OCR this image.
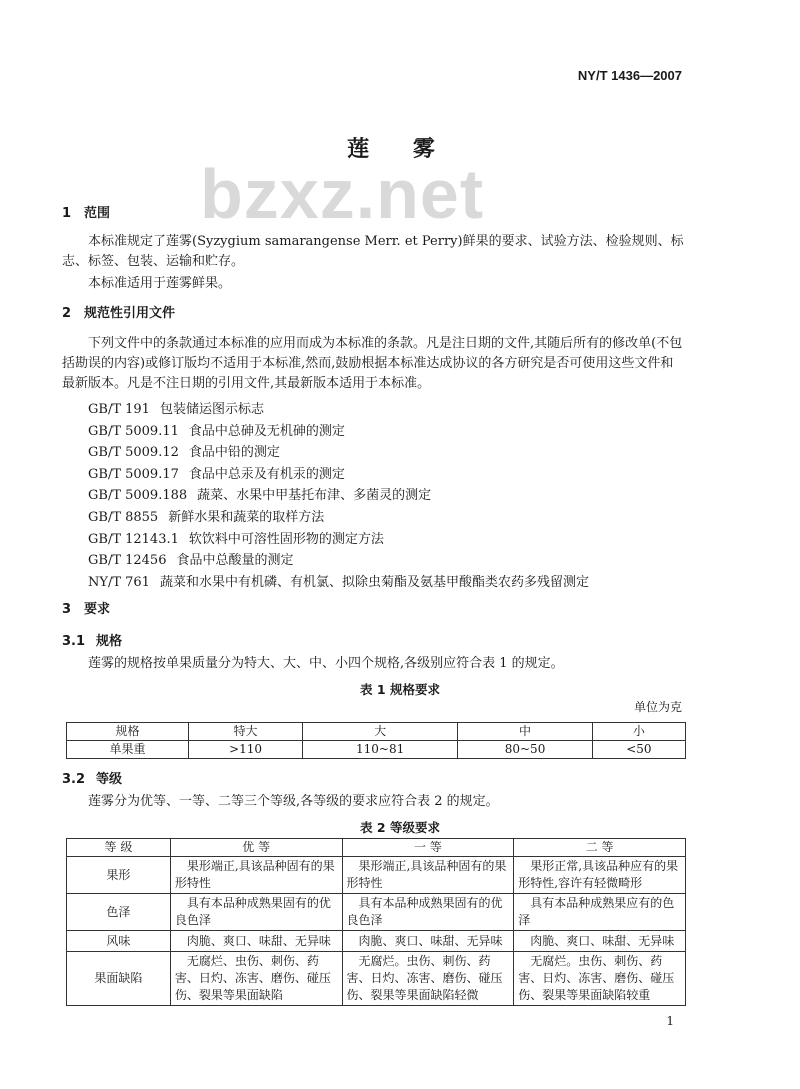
NY/T 1436—2007
bzxz.net
莲 雾
1 范围
本标准规定了莲雾(Syzygium samarangense Merr. et Perry)鲜果的要求、试验方法、检验规则、标志、标签、包装、运输和贮存。
本标准适用于莲雾鲜果。
2 规范性引用文件
下列文件中的条款通过本标准的应用而成为本标准的条款。凡是注日期的文件,其随后所有的修改单(不包括勘误的内容)或修订版均不适用于本标准,然而,鼓励根据本标准达成协议的各方研究是否可使用这些文件和最新版本。凡是不注日期的引用文件,其最新版本适用于本标准。
GB/T 191 包装储运图示标志
GB/T 5009.11 食品中总砷及无机砷的测定
GB/T 5009.12 食品中铅的测定
GB/T 5009.17 食品中总汞及有机汞的测定
GB/T 5009.188 蔬菜、水果中甲基托布津、多菌灵的测定
GB/T 8855 新鲜水果和蔬菜的取样方法
GB/T 12143.1 软饮料中可溶性固形物的测定方法
GB/T 12456 食品中总酸量的测定
NY/T 761 蔬菜和水果中有机磷、有机氯、拟除虫菊酯及氨基甲酸酯类农药多残留测定
3 要求
3.1 规格
莲雾的规格按单果质量分为特大、大、中、小四个规格,各级别应符合表 1 的规定。
表 1 规格要求
单位为克
规格	特大	大	中	小
单果重	>110	110~81	80~50	<50
3.2 等级
莲雾分为优等、一等、二等三个等级,各等级的要求应符合表 2 的规定。
表 2 等级要求
等 级	优 等	一 等	二 等
果形	果形端正,具该品种固有的果形特性	果形端正,具该品种固有的果形特性	果形正常,具该品种应有的果形特性,容许有轻微畸形
色泽	具有本品种成熟果固有的优良色泽	具有本品种成熟果固有的优良色泽	具有本品种成熟果应有的色泽
风味	肉脆、爽口、味甜、无异味	肉脆、爽口、味甜、无异味	肉脆、爽口、味甜、无异味
果面缺陷	无腐烂、虫伤、刺伤、药害、日灼、冻害、磨伤、碰压伤、裂果等果面缺陷	无腐烂。虫伤、刺伤、药害、日灼、冻害、磨伤、碰压伤、裂果等果面缺陷轻微	无腐烂。虫伤、刺伤、药害、日灼、冻害、磨伤、碰压伤、裂果等果面缺陷较重
1
